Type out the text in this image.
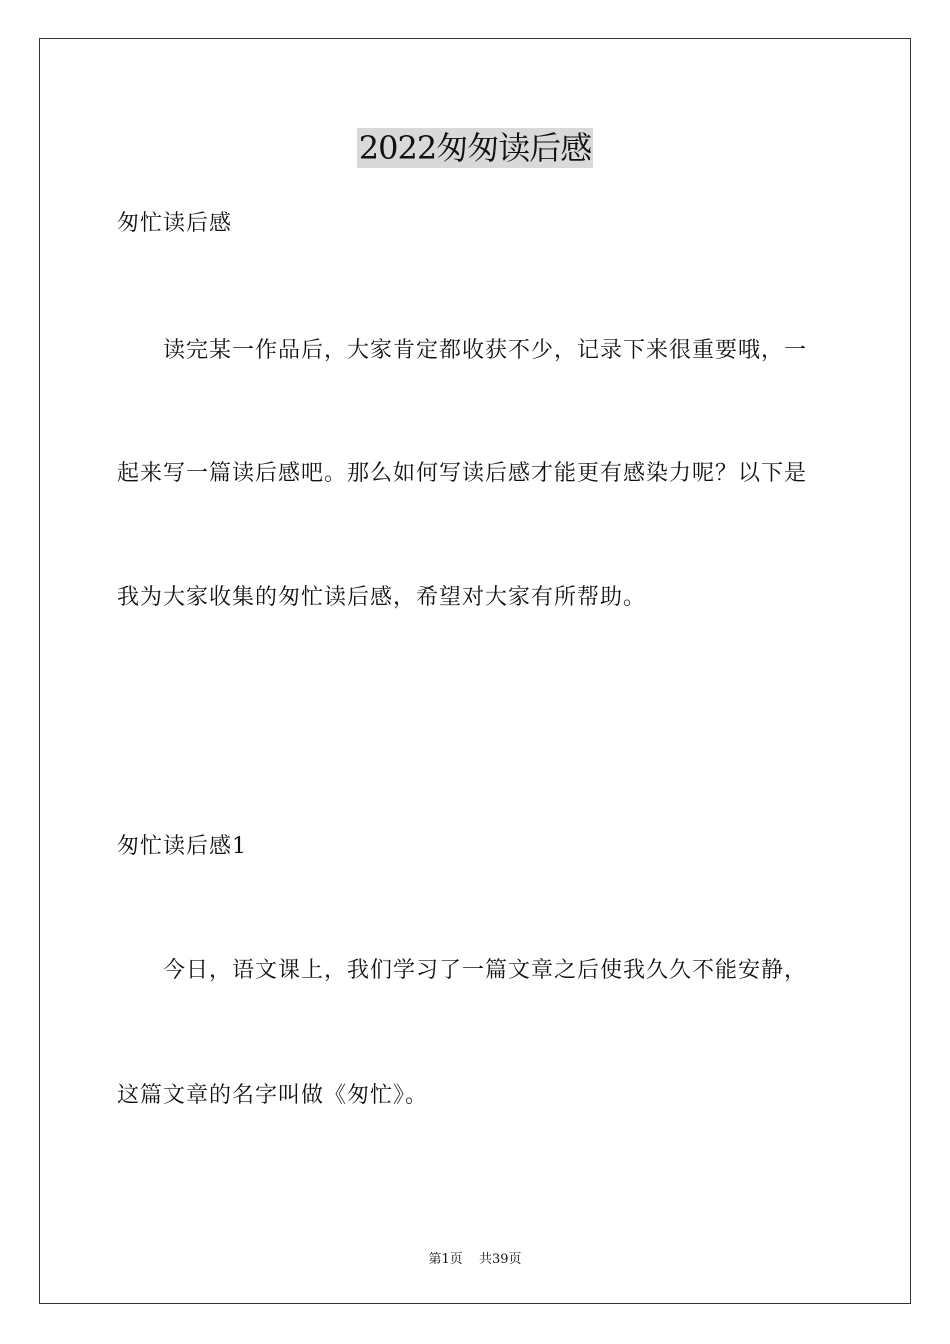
2022匆匆读后感
匆忙读后感
读完某一作品后，大家肯定都收获不少，记录下来很重要哦，一
起来写一篇读后感吧。那么如何写读后感才能更有感染力呢？以下是
我为大家收集的匆忙读后感，希望对大家有所帮助。
匆忙读后感1
今日，语文课上，我们学习了一篇文章之后使我久久不能安静，
这篇文章的名字叫做《匆忙》。
第1页 共39页
